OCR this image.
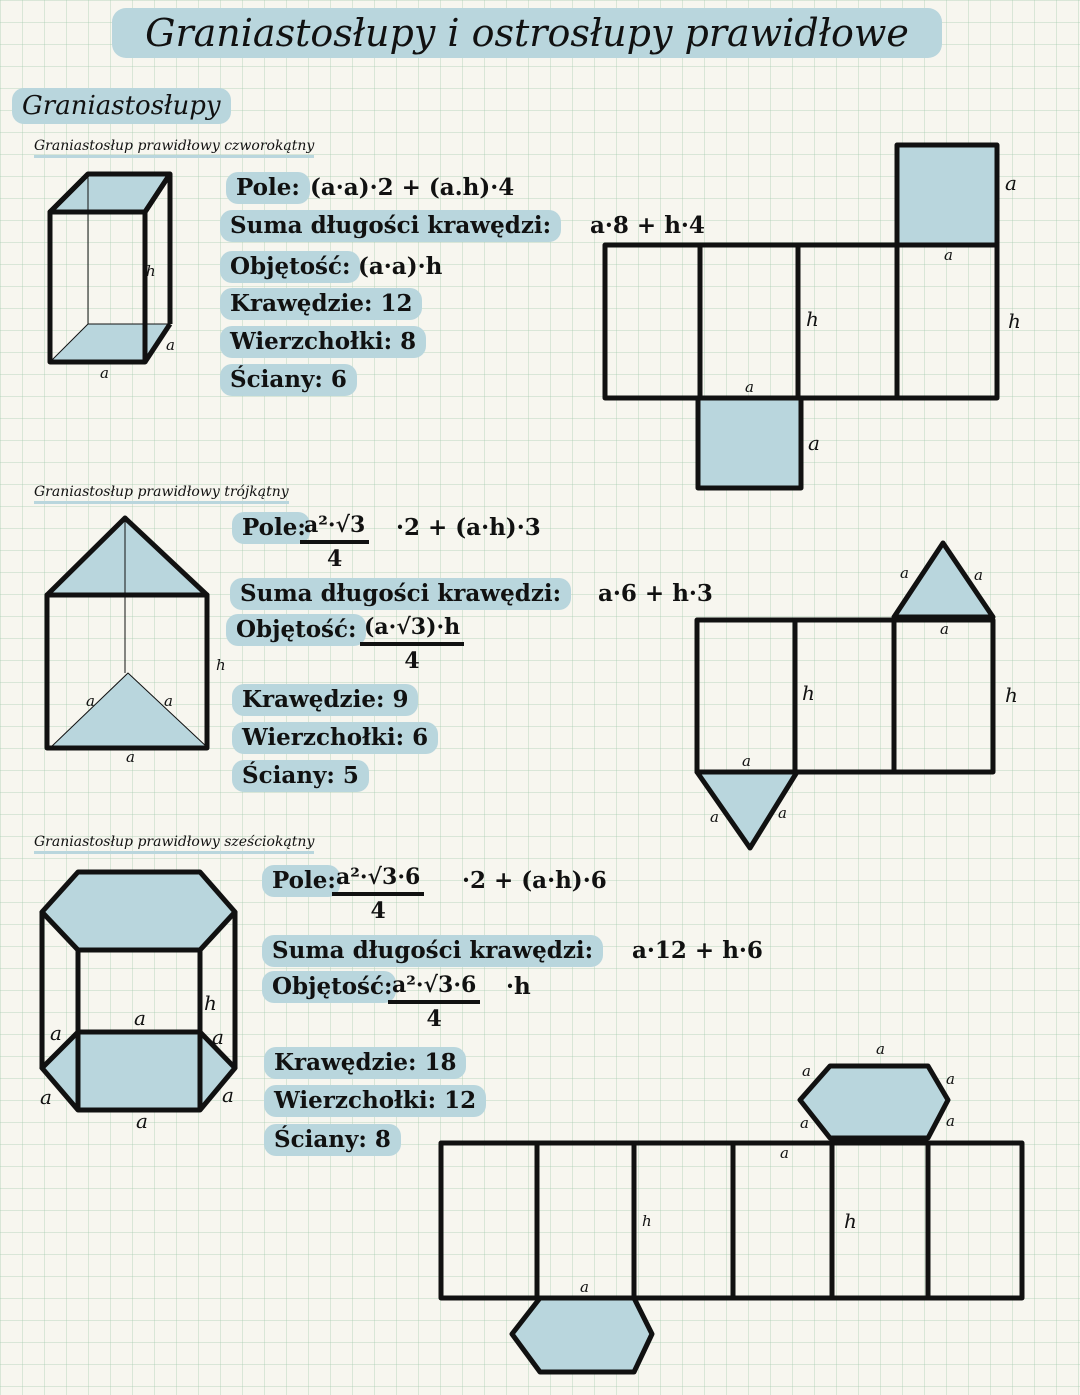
Graniastosłupy i ostrosłupy prawidłowe
Graniastosłupy
Graniastosłup prawidłowy czworokątny
Pole: (a·a)·2 + (a.h)·4
Suma długości krawędzi:	a·8 + h·4
Objętość: (a·a)·h
Krawędzie: 12
Wierzchołki: 8
Ściany: 6
Graniastosłup prawidłowy trójkątny
Pole:
$\frac{\text{a²·√3}}{4}$	·2 + (a·h)·3
Suma długości krawędzi:	a·6 + h·3
Objętość: $\frac{(a\cdot√3)\cdot h}{4}$
Krawędzie: 9
Wierzchołki: 6
Ściany: 5
Graniastosłup prawidłowy sześciokątny
Pole:
$\frac{\text{a²·√3·6}}{4}$	·2 + (a·h)·6
Suma długości krawędzi:	a·12 + h·6
Objętość:
$\frac{\text{a²·√3·6}}{4}$	·h
Krawędzie: 18
Wierzchołki: 12
Ściany: 8
h
a
a
a
a
h	h
a
a
h
a	a
a
a	a
a
h	h
a
a	a
a
a
h
a
a	a
a
a
a	a
a	a
a
h	h
a
